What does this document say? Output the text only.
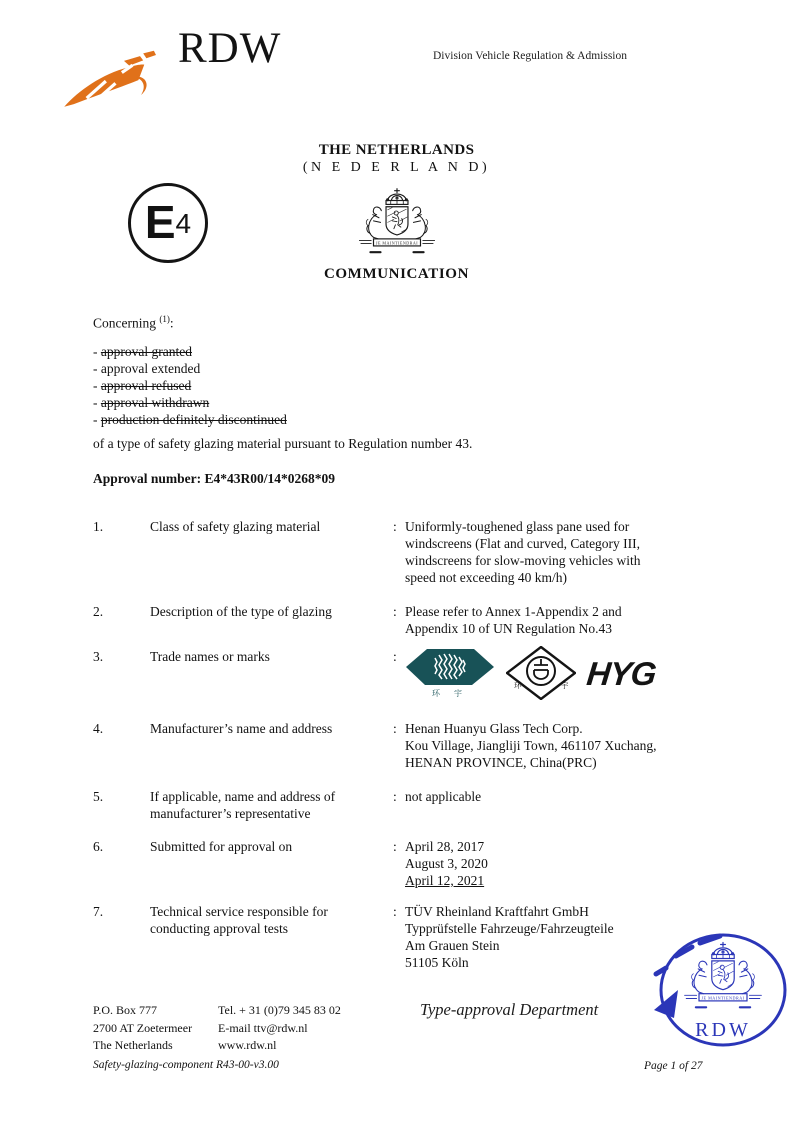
RDW	Division Vehicle Regulation & Admission
E 4
THE NETHERLANDS
(N E D E R L A N D)
COMMUNICATION
Concerning $^{(1)}$:
- approval granted
- approval extended
- approval refused
- approval withdrawn
- production definitely discontinued
of a type of safety glazing material pursuant to Regulation number 43.
Approval number: E4*43R00/14*0268*09
1.	Class of safety glazing material	: Uniformly-toughened glass pane used for
windscreens (Flat and curved, Category III,
windscreens for slow-moving vehicles with
speed not exceeding 40 km/h)
2.	Description of the type of glazing	: Please refer to Annex 1-Appendix 2 and
Appendix 10 of UN Regulation No.43
3.	Trade names or marks	:
环 宇
环	宇 HYG
4.	Manufacturer’s name and address	: Henan Huanyu Glass Tech Corp.
Kou Village, Jiangliji Town, 461107 Xuchang,
HENAN PROVINCE, China(PRC)
5.	If applicable, name and address of
manufacturer’s representative
: not applicable
6.	Submitted for approval on	: April 28, 2017
August 3, 2020
April 12, 2021
7.	Technical service responsible for
conducting approval tests
: TÜV Rheinland Kraftfahrt GmbH
Typprüfstelle Fahrzeuge/Fahrzeugteile
Am Grauen Stein
51105 Köln
P.O. Box 777
2700 AT Zoetermeer
The Netherlands
Tel. + 31 (0)79 345 83 02
E-mail ttv@rdw.nl
www.rdw.nl
Type-approval Department
Safety-glazing-component R43-00-v3.00	Page 1 of 27
RDW
